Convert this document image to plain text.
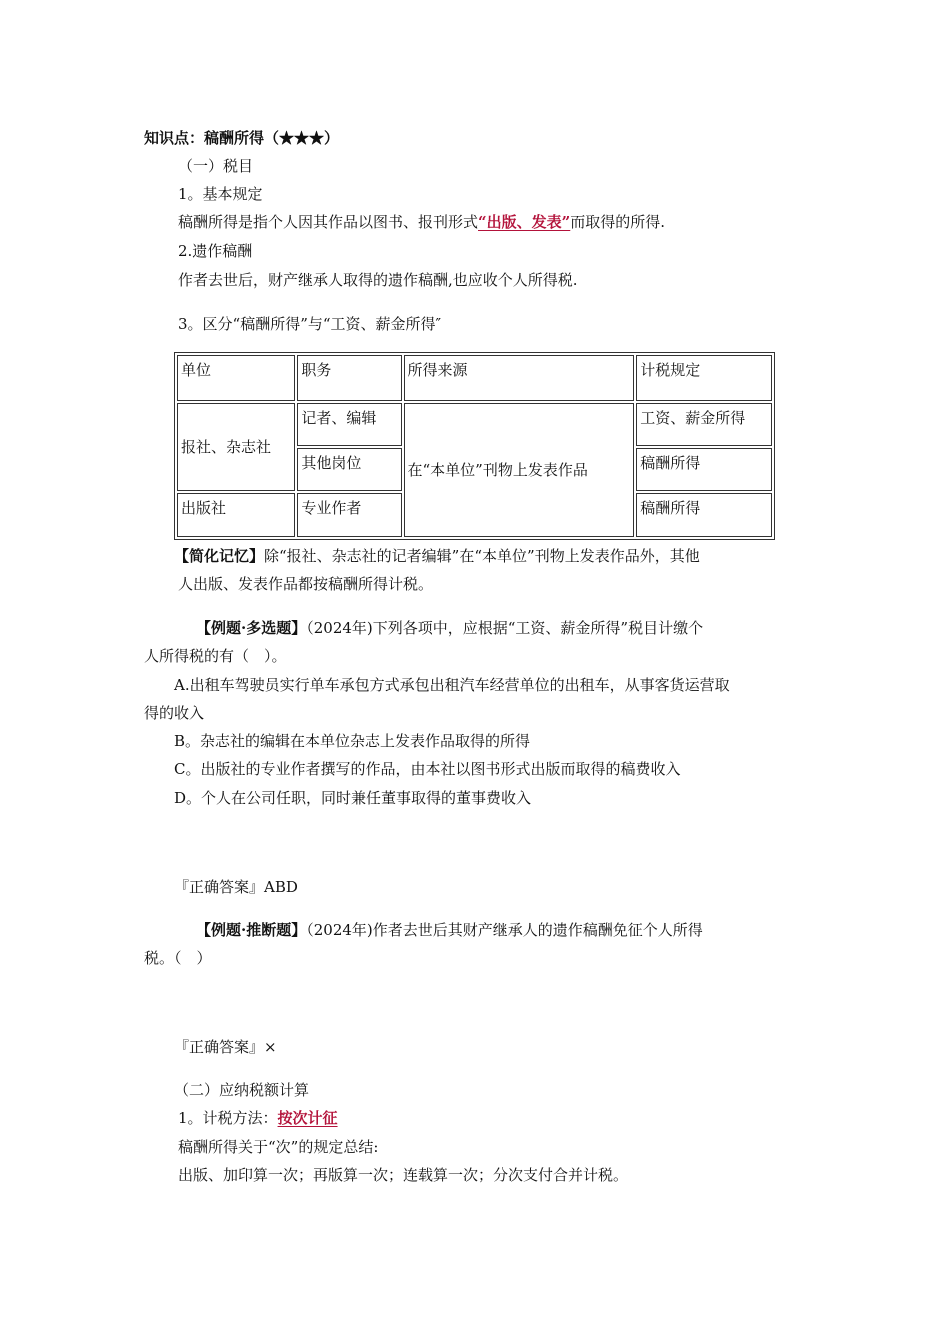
知识点：稿酬所得（★★★）
（一）税目
1。基本规定
稿酬所得是指个人因其作品以图书、报刊形式“出版、发表”而取得的所得.
2.遗作稿酬
作者去世后，财产继承人取得的遗作稿酬,也应收个人所得税.
3。区分“稿酬所得”与“工资、薪金所得″
单位	职务	所得来源	计税规定
报社、杂志社	记者、编辑	在“本单位”刊物上发表作品	工资、薪金所得
	其他岗位		稿酬所得
出版社	专业作者		稿酬所得
【简化记忆】除“报社、杂志社的记者编辑”在“本单位”刊物上发表作品外，其他
人出版、发表作品都按稿酬所得计税。
【例题·多选题】（2024年)下列各项中，应根据“工资、薪金所得”税目计缴个
人所得税的有（　）。
A.出租车驾驶员实行单车承包方式承包出租汽车经营单位的出租车，从事客货运营取
得的收入
B。杂志社的编辑在本单位杂志上发表作品取得的所得
C。出版社的专业作者撰写的作品，由本社以图书形式出版而取得的稿费收入
D。个人在公司任职，同时兼任董事取得的董事费收入
『正确答案』ABD
【例题·推断题】（2024年)作者去世后其财产继承人的遗作稿酬免征个人所得
税。（　）
『正确答案』×
（二）应纳税额计算
1。计税方法：按次计征
稿酬所得关于“次”的规定总结:
出版、加印算一次；再版算一次；连载算一次；分次支付合并计税。
